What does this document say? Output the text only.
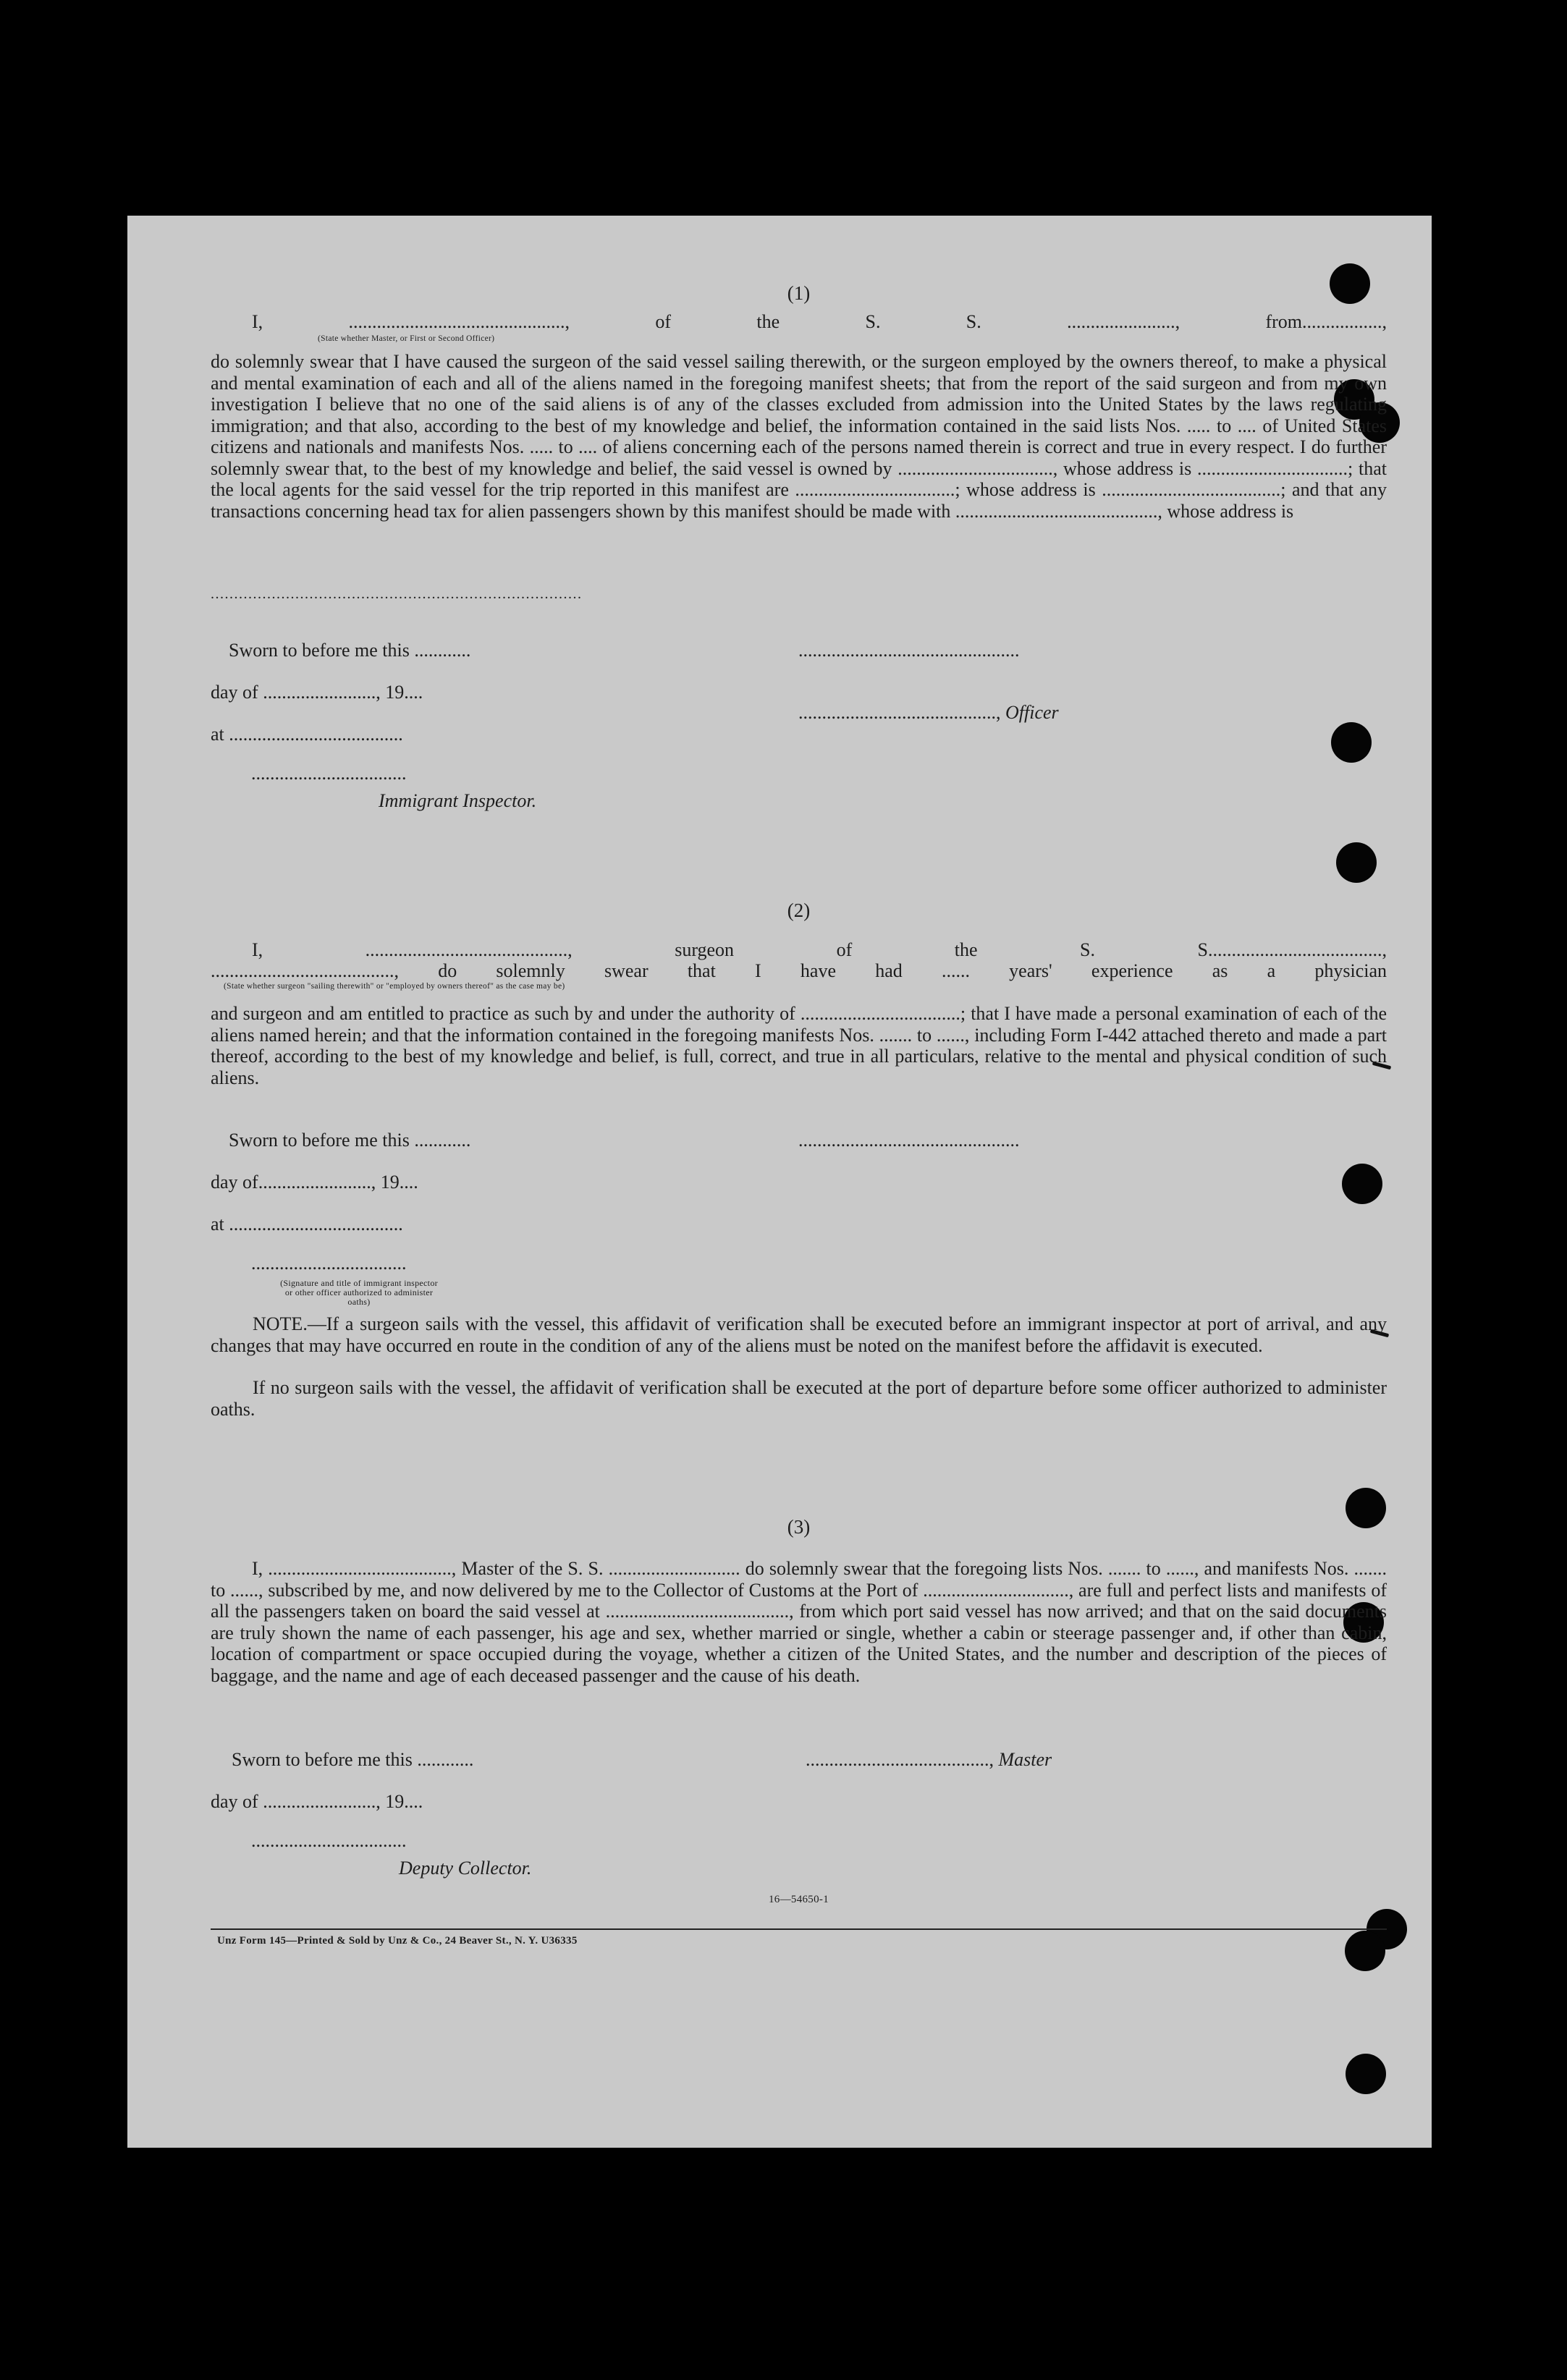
(1)

I, .............................................., of the S. S. ......................., from.................,

(State whether Master, or First or Second Officer)

do solemnly swear that I have caused the surgeon of the said vessel sailing therewith, or the surgeon employed by the owners thereof, to make a physical and mental examination of each and all of the aliens named in the foregoing manifest sheets; that from the report of the said surgeon and from my own investigation I believe that no one of the said aliens is of any of the classes excluded from admission into the United States by the laws regulating immigration; and that also, according to the best of my knowledge and belief, the information contained in the said lists Nos. ..... to .... of United States citizens and nationals and manifests Nos. ..... to .... of aliens concerning each of the persons named therein is correct and true in every respect. I do further solemnly swear that, to the best of my knowledge and belief, the said vessel is owned by ................................., whose address is ................................; that the local agents for the said vessel for the trip reported in this manifest are ..................................; whose address is ......................................; and that any transactions concerning head tax for alien passengers shown by this manifest should be made with ..........................................., whose address is

...............................................................................
Sworn to before me this ............
day of ........................, 19....
at .....................................
.................................
Immigrant Inspector.
...............................................
.........................................., Officer
(2)

I, ..........................................., surgeon of the S. S.....................................,

......................................., do solemnly swear that I have had ...... years' experience as a physician

(State whether surgeon "sailing therewith" or "employed by owners thereof" as the case may be)

and surgeon and am entitled to practice as such by and under the authority of ..................................; that I have made a personal examination of each of the aliens named herein; and that the information contained in the foregoing manifests Nos. ....... to ......, including Form I-442 attached thereto and made a part thereof, according to the best of my knowledge and belief, is full, correct, and true in all particulars, relative to the mental and physical condition of such aliens.

Sworn to before me this ............
day of........................, 19....
at .....................................
.................................
(Signature and title of immigrant inspector or other officer authorized to administer oaths)
...............................................

NOTE.—If a surgeon sails with the vessel, this affidavit of verification shall be executed before an immigrant inspector at port of arrival, and any changes that may have occurred en route in the condition of any of the aliens must be noted on the manifest before the affidavit is executed.

If no surgeon sails with the vessel, the affidavit of verification shall be executed at the port of departure before some officer authorized to administer oaths.

(3)

I, ......................................., Master of the S. S. ............................ do solemnly swear that the foregoing lists Nos. ....... to ......, and manifests Nos. ....... to ......, subscribed by me, and now delivered by me to the Collector of Customs at the Port of ..............................., are full and perfect lists and manifests of all the passengers taken on board the said vessel at ......................................., from which port said vessel has now arrived; and that on the said documents are truly shown the name of each passenger, his age and sex, whether married or single, whether a cabin or steerage passenger and, if other than cabin, location of compartment or space occupied during the voyage, whether a citizen of the United States, and the number and description of the pieces of baggage, and the name and age of each deceased passenger and the cause of his death.

Sworn to before me this ............
day of ........................, 19....
.................................
Deputy Collector.
......................................., Master
16—54650-1
Unz Form 145—Printed & Sold by Unz & Co., 24 Beaver St., N. Y. U36335
